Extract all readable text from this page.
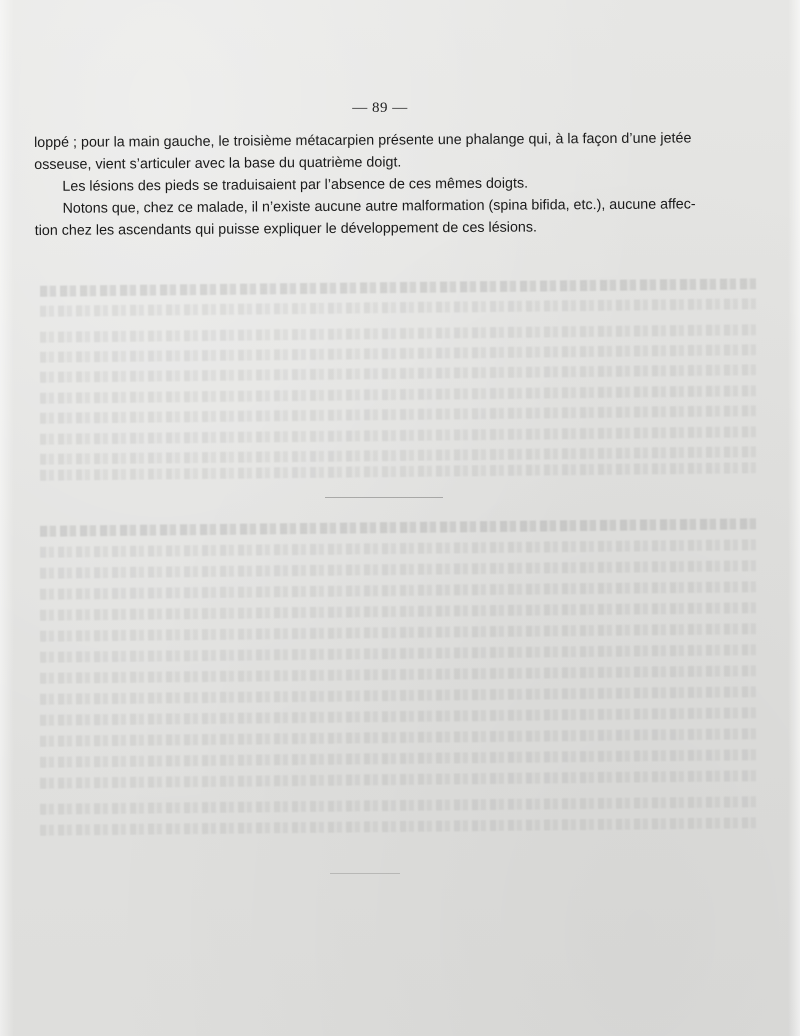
— 89 —

loppé ; pour la main gauche, le troisième métacarpien présente une phalange qui, à la façon d’une jetée

osseuse, vient s’articuler avec la base du quatrième doigt.

Les lésions des pieds se traduisaient par l’absence de ces mêmes doigts.

Notons que, chez ce malade, il n’existe aucune autre malformation (spina bifida, etc.), aucune affec-

tion chez les ascendants qui puisse expliquer le développement de ces lésions.
